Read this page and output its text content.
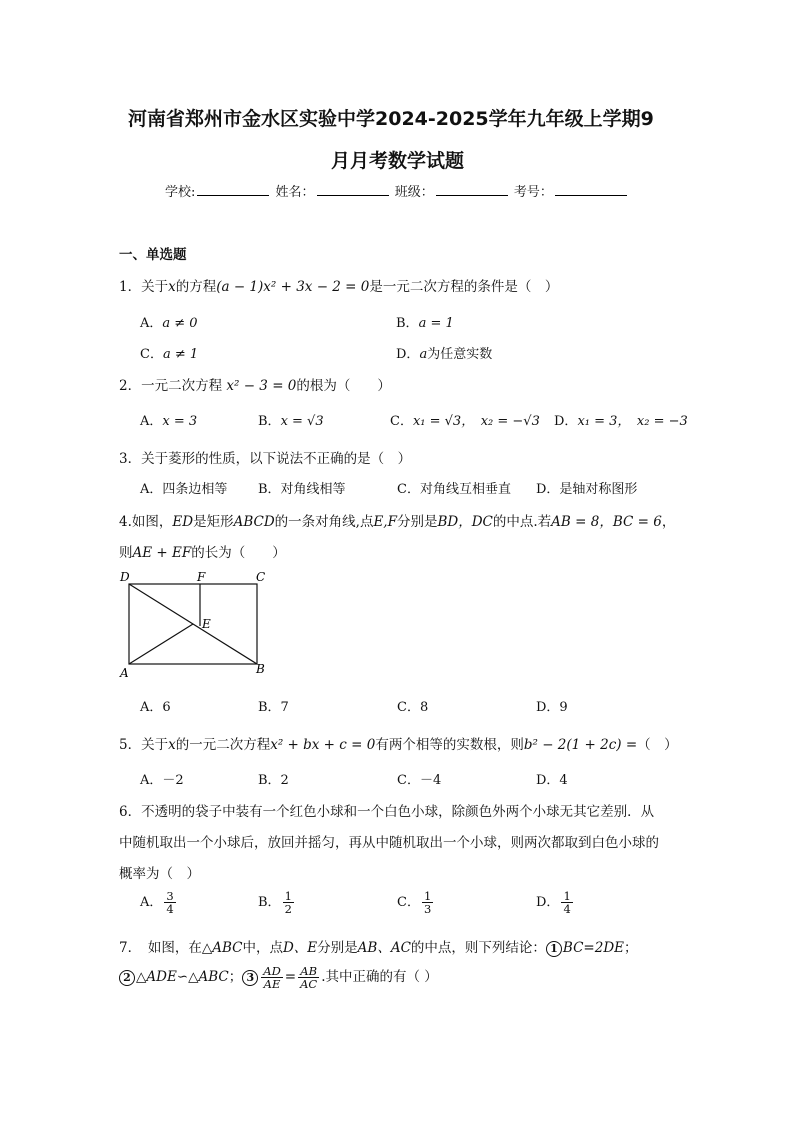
河南省郑州市金水区实验中学2024-2025学年九年级上学期9
月月考数学试题
学校:	姓名：	班级：	考号：
一、单选题
1．关于x的方程(a − 1)x² + 3x − 2 = 0是一元二次方程的条件是（　）
A．a ≠ 0	B．a = 1
C．a ≠ 1	D．a为任意实数
2．一元二次方程 x² − 3 = 0的根为（　　）
A．x = 3	B．x = √3	C．x₁ = √3，　x₂ = −√3 D．x₁ = 3，　x₂ = −3
3．关于菱形的性质，以下说法不正确的是（　）
A．四条边相等 B．对角线相等	C．对角线互相垂直 D．是轴对称图形
4.如图，ED是矩形ABCD的一条对角线,点E,F分别是BD，DC的中点.若AB = 8，BC = 6，
则AE + EF的长为（　　）
D	F	C
E
A	B
A．6	B．7	C．8	D．9
5．关于x的一元二次方程x² + bx + c = 0有两个相等的实数根，则b² − 2(1 + 2c) =（　）
A．－2	B．2	C．－4	D．4
6．不透明的袋子中装有一个红色小球和一个白色小球，除颜色外两个小球无其它差别．从
中随机取出一个小球后，放回并摇匀，再从中随机取出一个小球，则两次都取到白色小球的
概率为（　）
A． $\frac{3}{4}$	B． $\frac{1}{2}$	C． $\frac{1}{3}$	D． $\frac{1}{4}$
7．　如图，在△ABC中，点D、E分别是AB、AC的中点，则下列结论： 1 BC=2DE；
2 △ADE∽△ABC； $3 \frac{AD}{AE} = \frac{AB}{AC}$ .其中正确的有（ ）
